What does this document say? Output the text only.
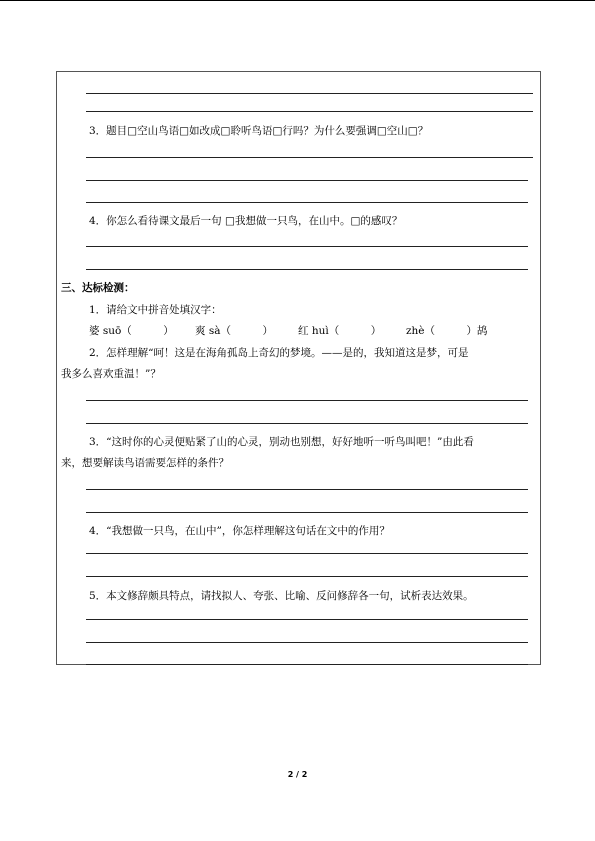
3．题目□空山鸟语□如改成□聆听鸟语□行吗？为什么要强调□空山□？
4．你怎么看待课文最后一句 □我想做一只鸟，在山中。□的感叹？
三、达标检测：
1．请给文中拼音处填汉字：
婆 suō（　　　） 爽 sà（　　　） 红 huì（　　　） zhè（　　　）鸪
2．怎样理解“呵！这是在海角孤岛上奇幻的梦境。——是的，我知道这是梦，可是
我多么喜欢重温！”？
3．“这时你的心灵便贴紧了山的心灵，别动也别想，好好地听一听鸟叫吧！”由此看
来，想要解读鸟语需要怎样的条件？
4．“我想做一只鸟，在山中”，你怎样理解这句话在文中的作用？
5．本文修辞颇具特点，请找拟人、夸张、比喻、反问修辞各一句，试析表达效果。
2 / 2
